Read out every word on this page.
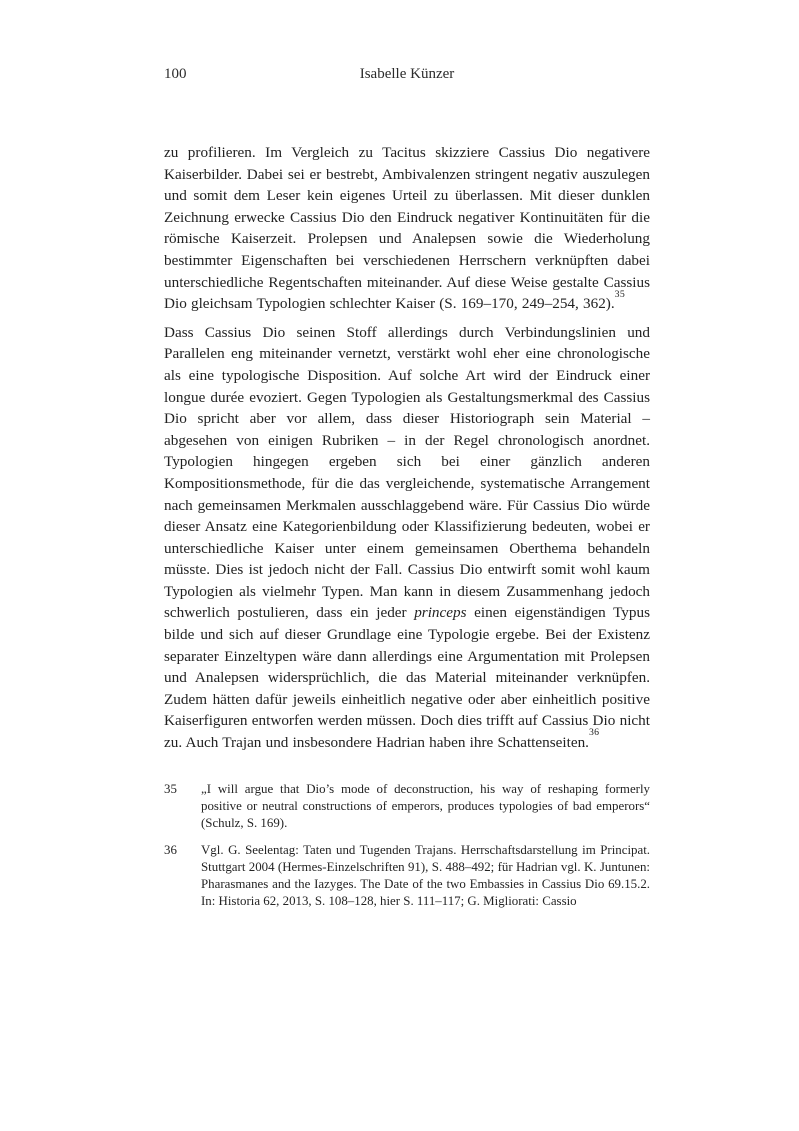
100	Isabelle Künzer

zu profilieren. Im Vergleich zu Tacitus skizziere Cassius Dio negativere Kaiserbilder. Dabei sei er bestrebt, Ambivalenzen stringent negativ auszulegen und somit dem Leser kein eigenes Urteil zu überlassen. Mit dieser dunklen Zeichnung erwecke Cassius Dio den Eindruck negativer Kontinuitäten für die römische Kaiserzeit. Prolepsen und Analepsen sowie die Wiederholung bestimmter Eigenschaften bei verschiedenen Herrschern verknüpften dabei unterschiedliche Regentschaften miteinander. Auf diese Weise gestalte Cassius Dio gleichsam Typologien schlechter Kaiser (S. 169–170, 249–254, 362).$^{35}$

Dass Cassius Dio seinen Stoff allerdings durch Verbindungslinien und Parallelen eng miteinander vernetzt, verstärkt wohl eher eine chronologische als eine typologische Disposition. Auf solche Art wird der Eindruck einer longue durée evoziert. Gegen Typologien als Gestaltungsmerkmal des Cassius Dio spricht aber vor allem, dass dieser Historiograph sein Material – abgesehen von einigen Rubriken – in der Regel chronologisch anordnet. Typologien hingegen ergeben sich bei einer gänzlich anderen Kompositionsmethode, für die das vergleichende, systematische Arrangement nach gemeinsamen Merkmalen ausschlaggebend wäre. Für Cassius Dio würde dieser Ansatz eine Kategorienbildung oder Klassifizierung bedeuten, wobei er unterschiedliche Kaiser unter einem gemeinsamen Oberthema behandeln müsste. Dies ist jedoch nicht der Fall. Cassius Dio entwirft somit wohl kaum Typologien als vielmehr Typen. Man kann in diesem Zusammenhang jedoch schwerlich postulieren, dass ein jeder princeps einen eigenständigen Typus bilde und sich auf dieser Grundlage eine Typologie ergebe. Bei der Existenz separater Einzeltypen wäre dann allerdings eine Argumentation mit Prolepsen und Analepsen widersprüchlich, die das Material miteinander verknüpfen. Zudem hätten dafür jeweils einheitlich negative oder aber einheitlich positive Kaiserfiguren entworfen werden müssen. Doch dies trifft auf Cassius Dio nicht zu. Auch Trajan und insbesondere Hadrian haben ihre Schattenseiten.$^{36}$

35	„I will argue that Dio’s mode of deconstruction, his way of reshaping formerly positive or neutral constructions of emperors, produces typologies of bad emperors“ (Schulz, S. 169).
36	Vgl. G. Seelentag: Taten und Tugenden Trajans. Herrschaftsdarstellung im Principat. Stuttgart 2004 (Hermes-Einzelschriften 91), S. 488–492; für Hadrian vgl. K. Juntunen: Pharasmanes and the Iazyges. The Date of the two Embassies in Cassius Dio 69.15.2. In: Historia 62, 2013, S. 108–128, hier S. 111–117; G. Migliorati: Cassio
